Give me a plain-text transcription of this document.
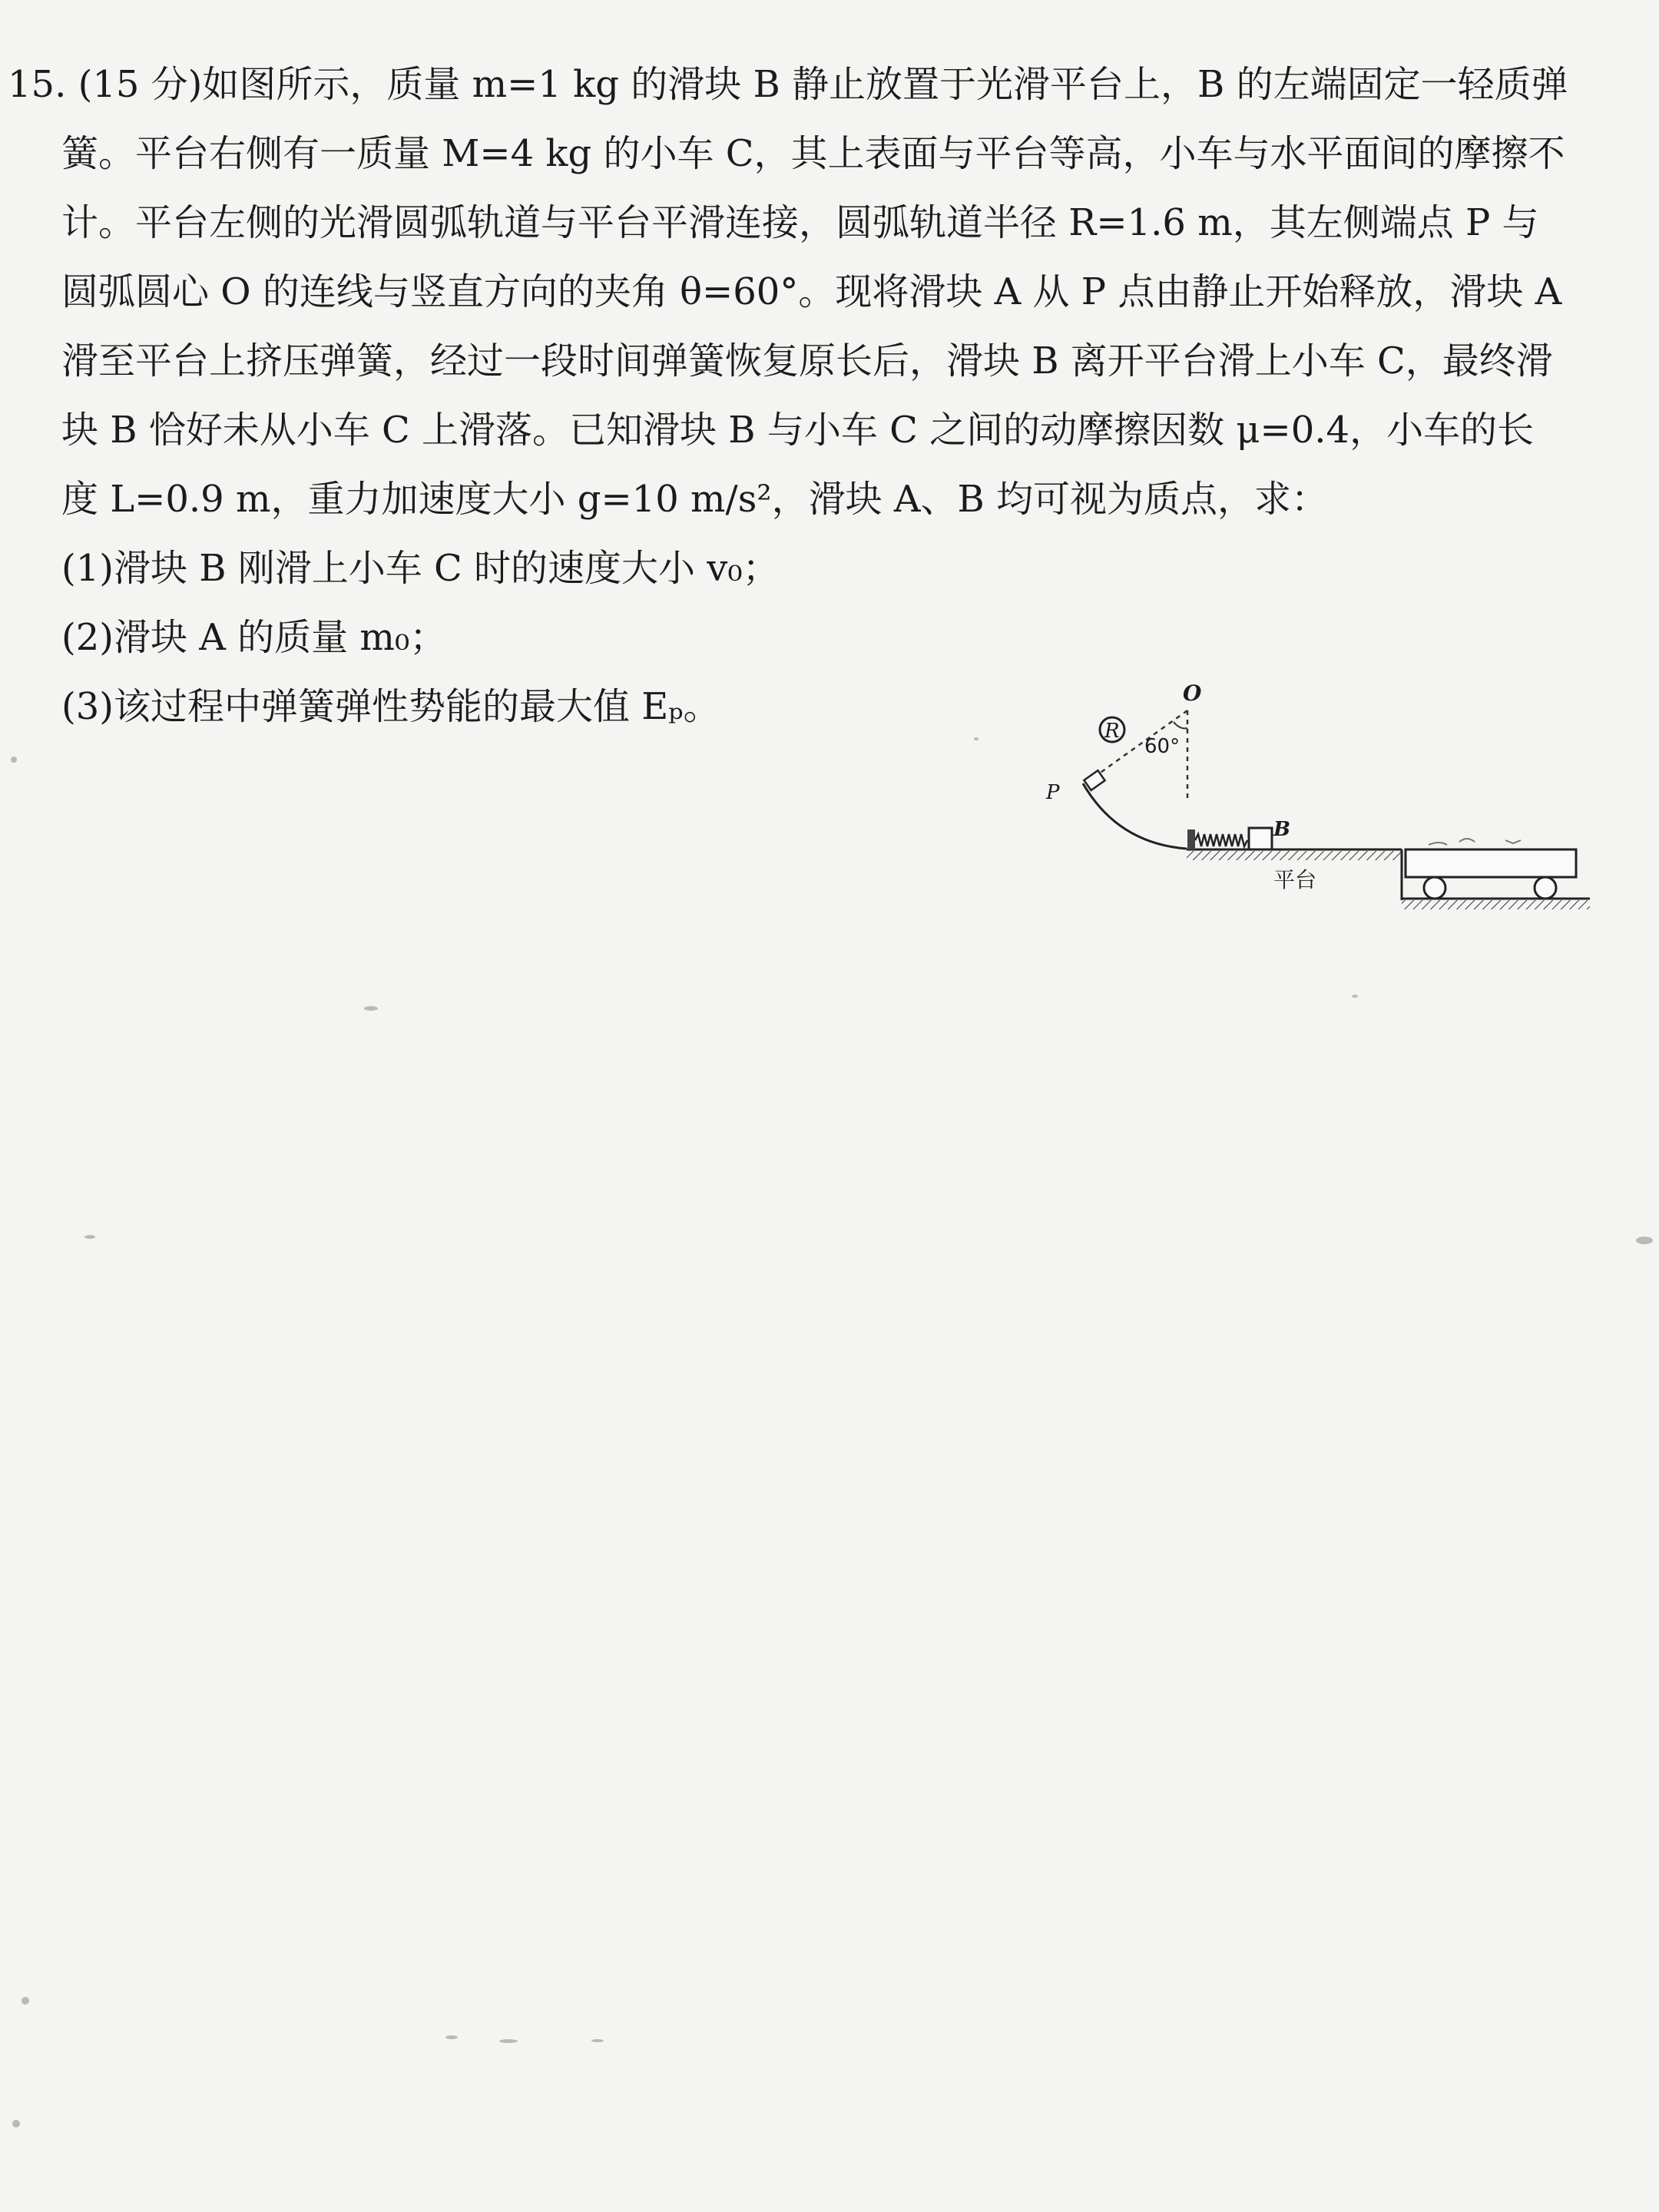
15. (15 分)如图所示，质量 m=1 kg 的滑块 B 静止放置于光滑平台上，B 的左端固定一轻质弹
簧。平台右侧有一质量 M=4 kg 的小车 C，其上表面与平台等高，小车与水平面间的摩擦不
计。平台左侧的光滑圆弧轨道与平台平滑连接，圆弧轨道半径 R=1.6 m，其左侧端点 P 与
圆弧圆心 O 的连线与竖直方向的夹角 θ=60°。现将滑块 A 从 P 点由静止开始释放，滑块 A
滑至平台上挤压弹簧，经过一段时间弹簧恢复原长后，滑块 B 离开平台滑上小车 C，最终滑
块 B 恰好未从小车 C 上滑落。已知滑块 B 与小车 C 之间的动摩擦因数 μ=0.4，小车的长
度 L=0.9 m，重力加速度大小 g=10 m/s²，滑块 A、B 均可视为质点，求：
(1)滑块 B 刚滑上小车 C 时的速度大小 v₀；
(2)滑块 A 的质量 m₀；
(3)该过程中弹簧弹性势能的最大值 Eₚ。	O
R
60°
P
B
平台
